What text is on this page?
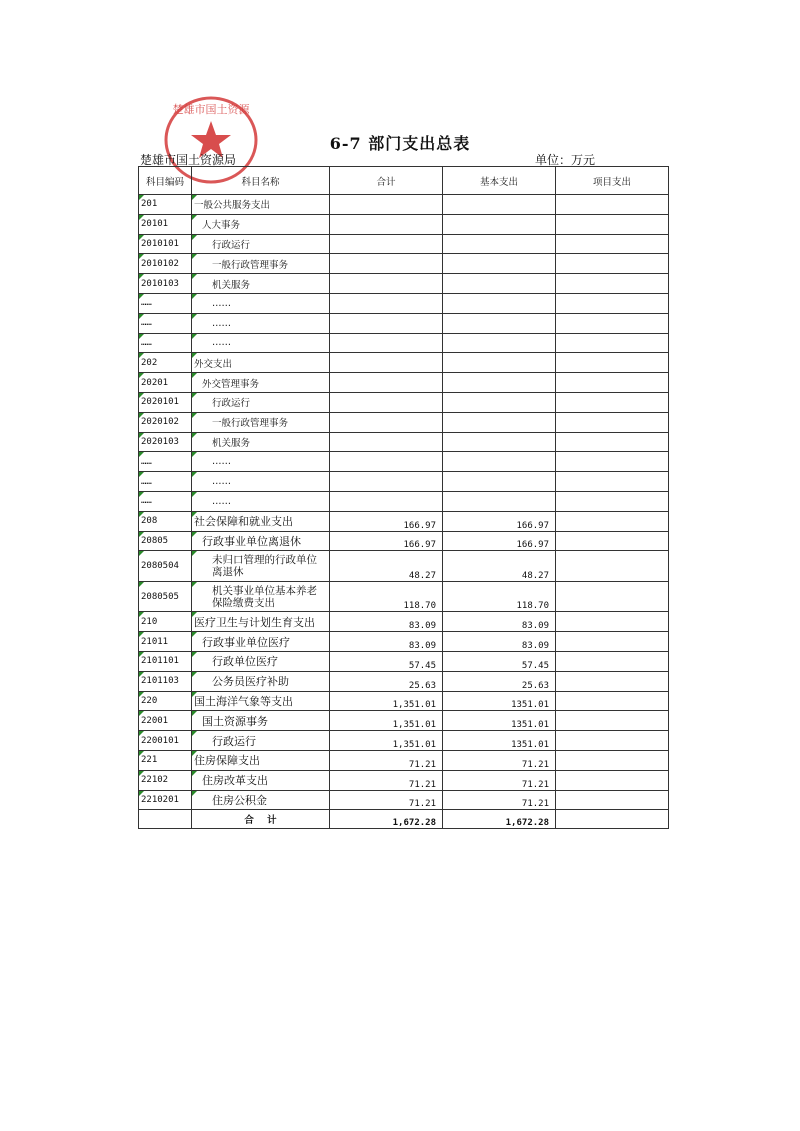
楚雄市国土资源
6-7 部门支出总表
楚雄市国土资源局	单位：万元
科目编码	科目名称	合计	基本支出	项目支出

201	一般公共服务支出			

20101	人大事务			

2010101	行政运行			

2010102	一般行政管理事务			

2010103	机关服务			

……	……			

……	……			

……	……			

202	外交支出			

20201	外交管理事务			

2020101	行政运行			

2020102	一般行政管理事务			

2020103	机关服务			

……	……			

……	……			

……	……			

208	社会保障和就业支出	166.97	166.97	

20805	行政事业单位离退休	166.97	166.97	

2080504	未归口管理的行政单位离退休	48.27	48.27	

2080505	机关事业单位基本养老保险缴费支出	118.70	118.70	

210	医疗卫生与计划生育支出	83.09	83.09	

21011	行政事业单位医疗	83.09	83.09	

2101101	行政单位医疗	57.45	57.45	

2101103	公务员医疗补助	25.63	25.63	

220	国土海洋气象等支出	1,351.01	1351.01	

22001	国土资源事务	1,351.01	1351.01	

2200101	行政运行	1,351.01	1351.01	

221	住房保障支出	71.21	71.21	

22102	住房改革支出	71.21	71.21	

2210201	住房公积金	71.21	71.21	
	合    计	1,672.28	1,672.28	
